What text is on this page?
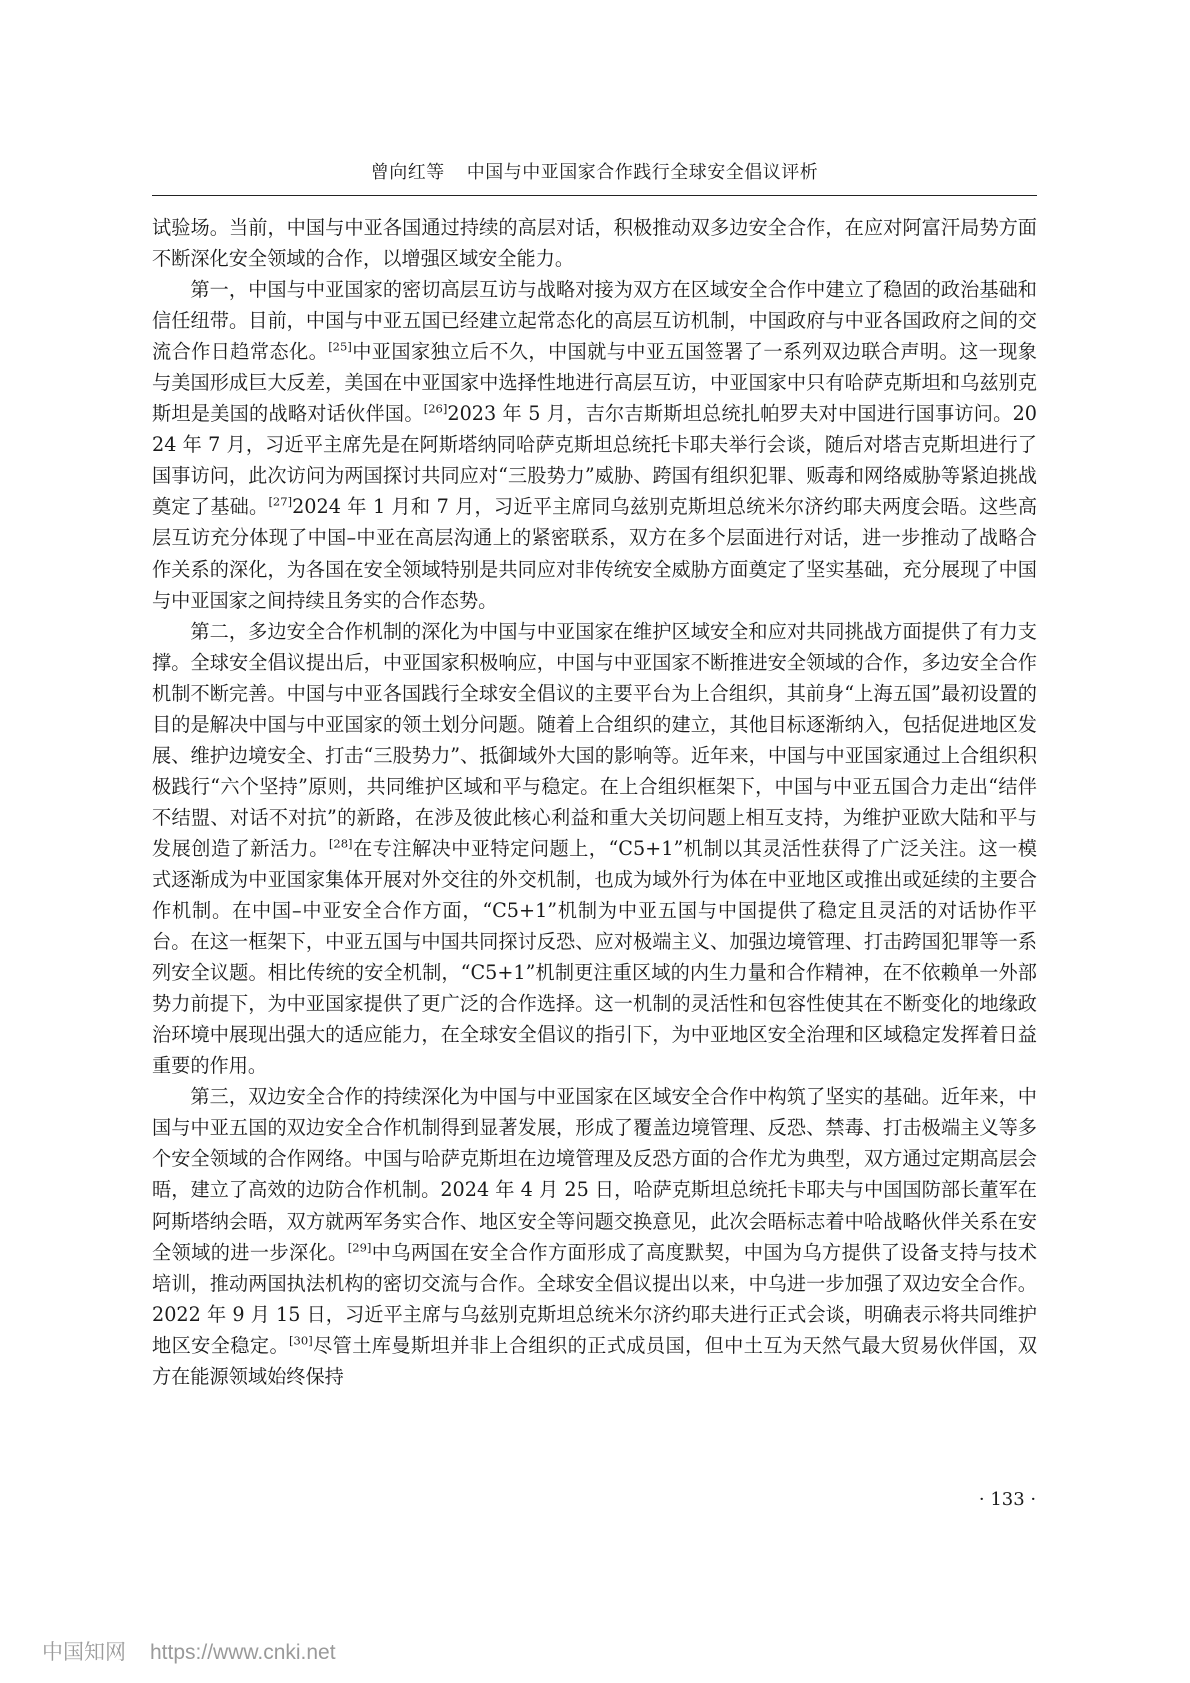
曾向红等 中国与中亚国家合作践行全球安全倡议评析

试验场。当前，中国与中亚各国通过持续的高层对话，积极推动双多边安全合作，在应对阿富汗局势方面不断深化安全领域的合作，以增强区域安全能力。

第一，中国与中亚国家的密切高层互访与战略对接为双方在区域安全合作中建立了稳固的政治基础和信任纽带。目前，中国与中亚五国已经建立起常态化的高层互访机制，中国政府与中亚各国政府之间的交流合作日趋常态化。[25]中亚国家独立后不久，中国就与中亚五国签署了一系列双边联合声明。这一现象与美国形成巨大反差，美国在中亚国家中选择性地进行高层互访，中亚国家中只有哈萨克斯坦和乌兹别克斯坦是美国的战略对话伙伴国。[26]2023 年 5 月，吉尔吉斯斯坦总统扎帕罗夫对中国进行国事访问。2024 年 7 月，习近平主席先是在阿斯塔纳同哈萨克斯坦总统托卡耶夫举行会谈，随后对塔吉克斯坦进行了国事访问，此次访问为两国探讨共同应对“三股势力”威胁、跨国有组织犯罪、贩毒和网络威胁等紧迫挑战奠定了基础。[27]2024 年 1 月和 7 月，习近平主席同乌兹别克斯坦总统米尔济约耶夫两度会晤。这些高层互访充分体现了中国–中亚在高层沟通上的紧密联系，双方在多个层面进行对话，进一步推动了战略合作关系的深化，为各国在安全领域特别是共同应对非传统安全威胁方面奠定了坚实基础，充分展现了中国与中亚国家之间持续且务实的合作态势。

第二，多边安全合作机制的深化为中国与中亚国家在维护区域安全和应对共同挑战方面提供了有力支撑。全球安全倡议提出后，中亚国家积极响应，中国与中亚国家不断推进安全领域的合作，多边安全合作机制不断完善。中国与中亚各国践行全球安全倡议的主要平台为上合组织，其前身“上海五国”最初设置的目的是解决中国与中亚国家的领土划分问题。随着上合组织的建立，其他目标逐渐纳入，包括促进地区发展、维护边境安全、打击“三股势力”、抵御域外大国的影响等。近年来，中国与中亚国家通过上合组织积极践行“六个坚持”原则，共同维护区域和平与稳定。在上合组织框架下，中国与中亚五国合力走出“结伴不结盟、对话不对抗”的新路，在涉及彼此核心利益和重大关切问题上相互支持，为维护亚欧大陆和平与发展创造了新活力。[28]在专注解决中亚特定问题上，“C5+1”机制以其灵活性获得了广泛关注。这一模式逐渐成为中亚国家集体开展对外交往的外交机制，也成为域外行为体在中亚地区或推出或延续的主要合作机制。在中国–中亚安全合作方面，“C5+1”机制为中亚五国与中国提供了稳定且灵活的对话协作平台。在这一框架下，中亚五国与中国共同探讨反恐、应对极端主义、加强边境管理、打击跨国犯罪等一系列安全议题。相比传统的安全机制，“C5+1”机制更注重区域的内生力量和合作精神，在不依赖单一外部势力前提下，为中亚国家提供了更广泛的合作选择。这一机制的灵活性和包容性使其在不断变化的地缘政治环境中展现出强大的适应能力，在全球安全倡议的指引下，为中亚地区安全治理和区域稳定发挥着日益重要的作用。

第三，双边安全合作的持续深化为中国与中亚国家在区域安全合作中构筑了坚实的基础。近年来，中国与中亚五国的双边安全合作机制得到显著发展，形成了覆盖边境管理、反恐、禁毒、打击极端主义等多个安全领域的合作网络。中国与哈萨克斯坦在边境管理及反恐方面的合作尤为典型，双方通过定期高层会晤，建立了高效的边防合作机制。2024 年 4 月 25 日，哈萨克斯坦总统托卡耶夫与中国国防部长董军在阿斯塔纳会晤，双方就两军务实合作、地区安全等问题交换意见，此次会晤标志着中哈战略伙伴关系在安全领域的进一步深化。[29]中乌两国在安全合作方面形成了高度默契，中国为乌方提供了设备支持与技术培训，推动两国执法机构的密切交流与合作。全球安全倡议提出以来，中乌进一步加强了双边安全合作。2022 年 9 月 15 日，习近平主席与乌兹别克斯坦总统米尔济约耶夫进行正式会谈，明确表示将共同维护地区安全稳定。[30]尽管土库曼斯坦并非上合组织的正式成员国，但中土互为天然气最大贸易伙伴国，双方在能源领域始终保持

· 133 ·
中国知网 https://www.cnki.net
